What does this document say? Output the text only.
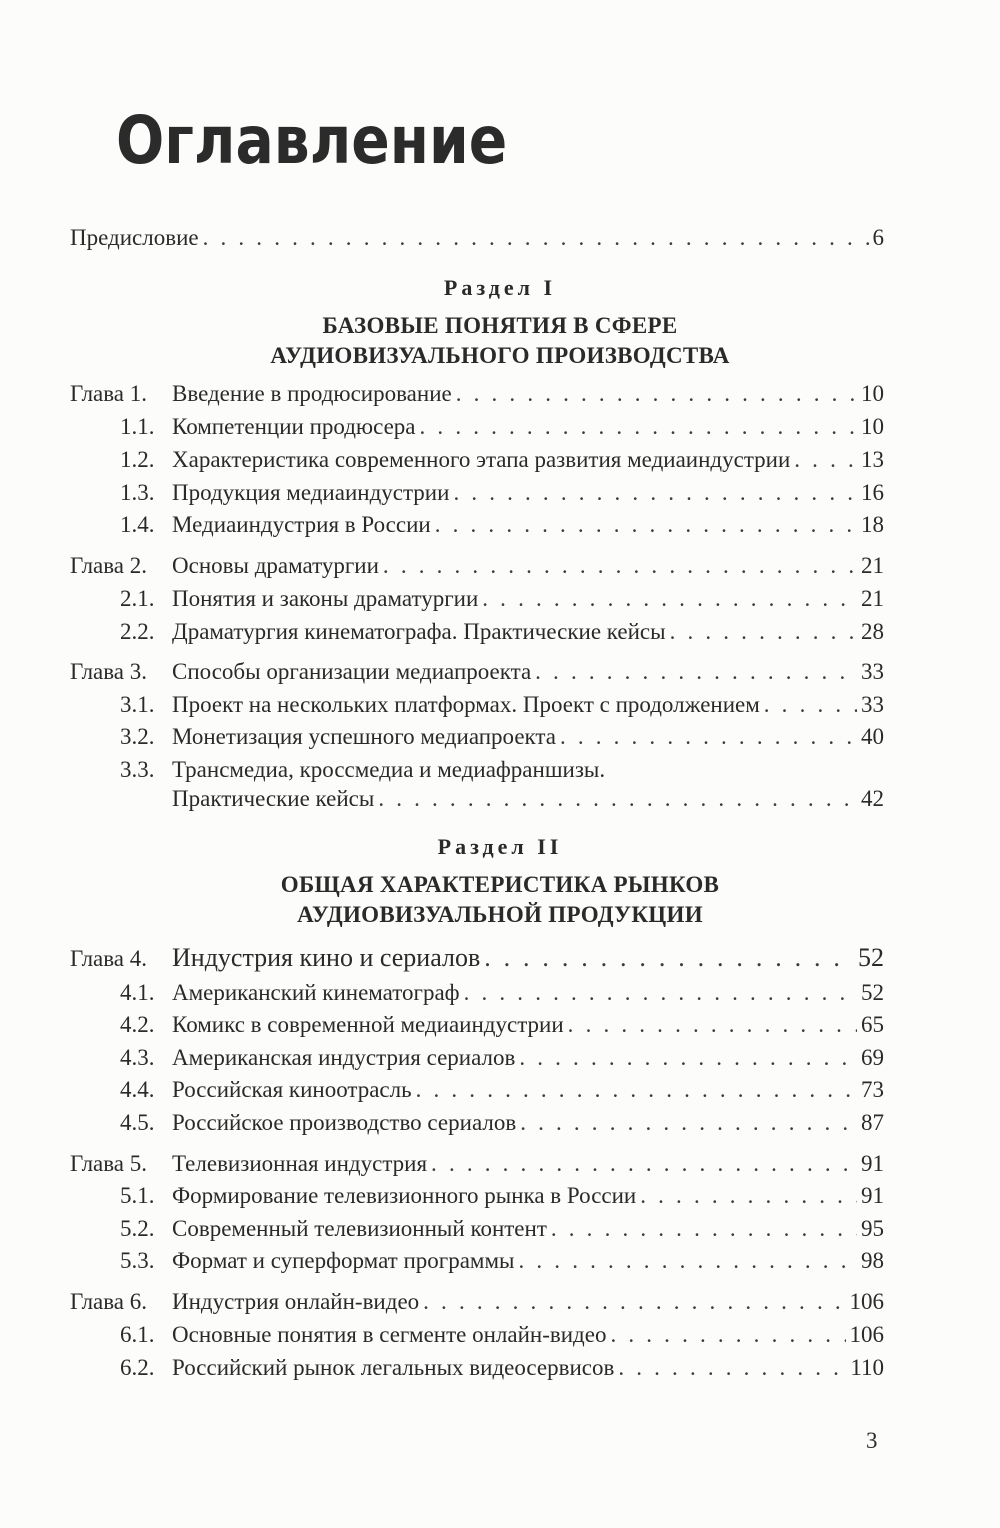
Оглавление
Предисловие . . .	6
Раздел I
БАЗОВЫЕ ПОНЯТИЯ В СФЕРЕ
АУДИОВИЗУАЛЬНОГО ПРОИЗВОДСТВА
Глава 1. Введение в продюсирование . . .	10
1.1. Компетенции продюсера . . .	10
1.2. Характеристика современного этапа развития медиаиндустрии . . .	13
1.3. Продукция медиаиндустрии . . .	16
1.4. Медиаиндустрия в России . . .	18
Глава 2. Основы драматургии . . .	21
2.1. Понятия и законы драматургии . . .	21
2.2. Драматургия кинематографа. Практические кейсы . . .	28
Глава 3. Способы организации медиапроекта . . .	33
3.1. Проект на нескольких платформах. Проект с продолжением . . .	33
3.2. Монетизация успешного медиапроекта . . .	40
3.3. Трансмедиа, кроссмедиа и медиафраншизы.
Практические кейсы . . .	42
Раздел II
ОБЩАЯ ХАРАКТЕРИСТИКА РЫНКОВ
АУДИОВИЗУАЛЬНОЙ ПРОДУКЦИИ
Глава 4. Индустрия кино и сериалов . . .	52
4.1. Американский кинематограф . . .	52
4.2. Комикс в современной медиаиндустрии . . .	65
4.3. Американская индустрия сериалов . . .	69
4.4. Российская киноотрасль . . .	73
4.5. Российское производство сериалов . . .	87
Глава 5. Телевизионная индустрия . . .	91
5.1. Формирование телевизионного рынка в России . . .	91
5.2. Современный телевизионный контент . . .	95
5.3. Формат и суперформат программы . . .	98
Глава 6. Индустрия онлайн-видео . . .	106
6.1. Основные понятия в сегменте онлайн-видео . . .	106
6.2. Российский рынок легальных видеосервисов . . .	110
3
